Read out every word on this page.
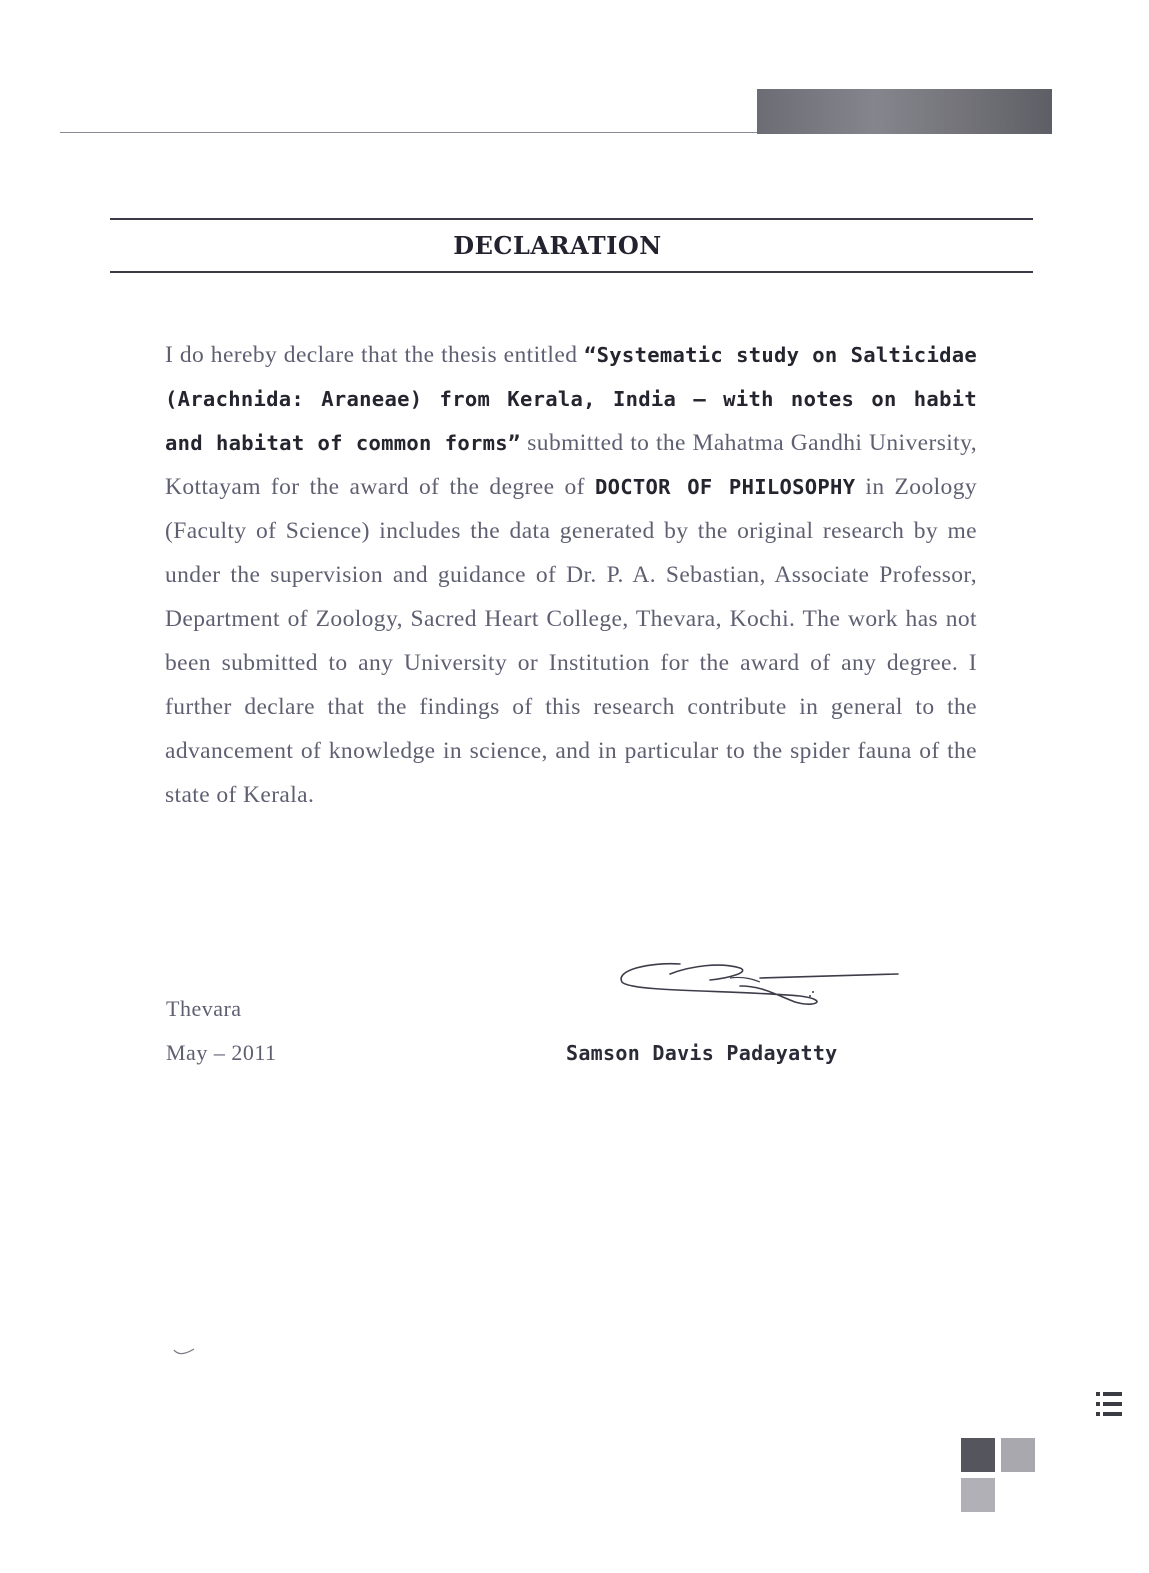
DECLARATION
I do hereby declare that the thesis entitled “Systematic study on Salticidae (Arachnida: Araneae) from Kerala, India – with notes on habit and habitat of common forms” submitted to the Mahatma Gandhi University, Kottayam for the award of the degree of DOCTOR OF PHILOSOPHY in Zoology (Faculty of Science) includes the data generated by the original research by me under the supervision and guidance of Dr. P. A. Sebastian, Associate Professor, Department of Zoology, Sacred Heart College, Thevara, Kochi. The work has not been submitted to any University or Institution for the award of any degree. I further declare that the findings of this research contribute in general to the advancement of knowledge in science, and in particular to the spider fauna of the state of Kerala.
Thevara
May – 2011	Samson Davis Padayatty
